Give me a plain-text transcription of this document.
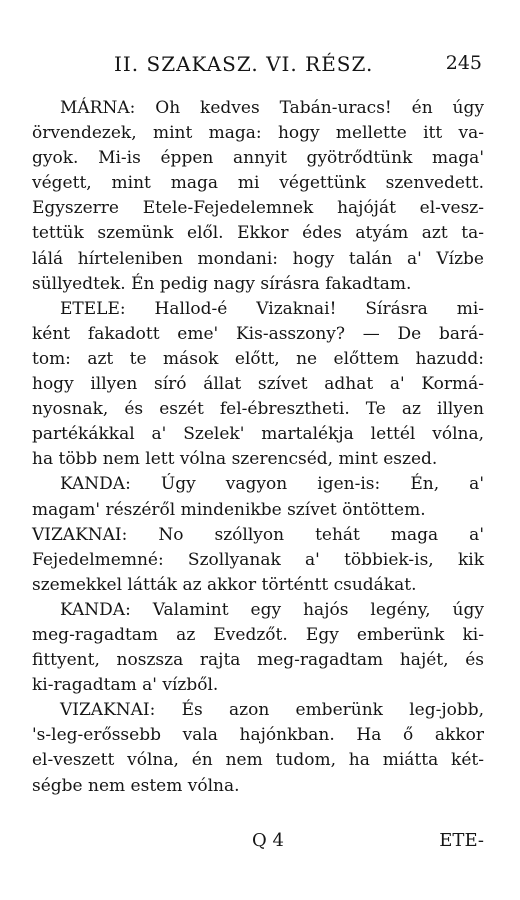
II. SZAKASZ. VI. RÉSZ.	245
MÁRNA: Oh kedves Tabán-uracs! én úgy
örvendezek, mint maga: hogy mellette itt va-
gyok. Mi-is éppen annyit gyötrődtünk maga'
végett, mint maga mi végettünk szenvedett.
Egyszerre Etele-Fejedelemnek hajóját el-vesz-
tettük szemünk elől. Ekkor édes atyám azt ta-
lálá hírteleniben mondani: hogy talán a' Vízbe
süllyedtek. Én pedig nagy sírásra fakadtam.
ETELE: Hallod-é Vizaknai! Sírásra mi-
ként fakadott eme' Kis-asszony? — De bará-
tom: azt te mások előtt, ne előttem hazudd:
hogy illyen síró állat szívet adhat a' Kormá-
nyosnak, és eszét fel-ébresztheti. Te az illyen
partékákkal a' Szelek' martalékja lettél vólna,
ha több nem lett vólna szerencséd, mint eszed.
KANDA: Úgy vagyon igen-is: Én, a'
magam' részéről mindenikbe szívet öntöttem.
VIZAKNAI: No szóllyon tehát maga a'
Fejedelmemné: Szollyanak a' többiek-is, kik
szemekkel látták az akkor történtt csudákat.
KANDA: Valamint egy hajós legény, úgy
meg-ragadtam az Evedzőt. Egy emberünk ki-
fittyent, noszsza rajta meg-ragadtam hajét, és
ki-ragadtam a' vízből.
VIZAKNAI: És azon emberünk leg-jobb,
's-leg-erőssebb vala hajónkban. Ha ő akkor
el-veszett vólna, én nem tudom, ha miátta két-
ségbe nem estem vólna.
Q 4	ETE-
